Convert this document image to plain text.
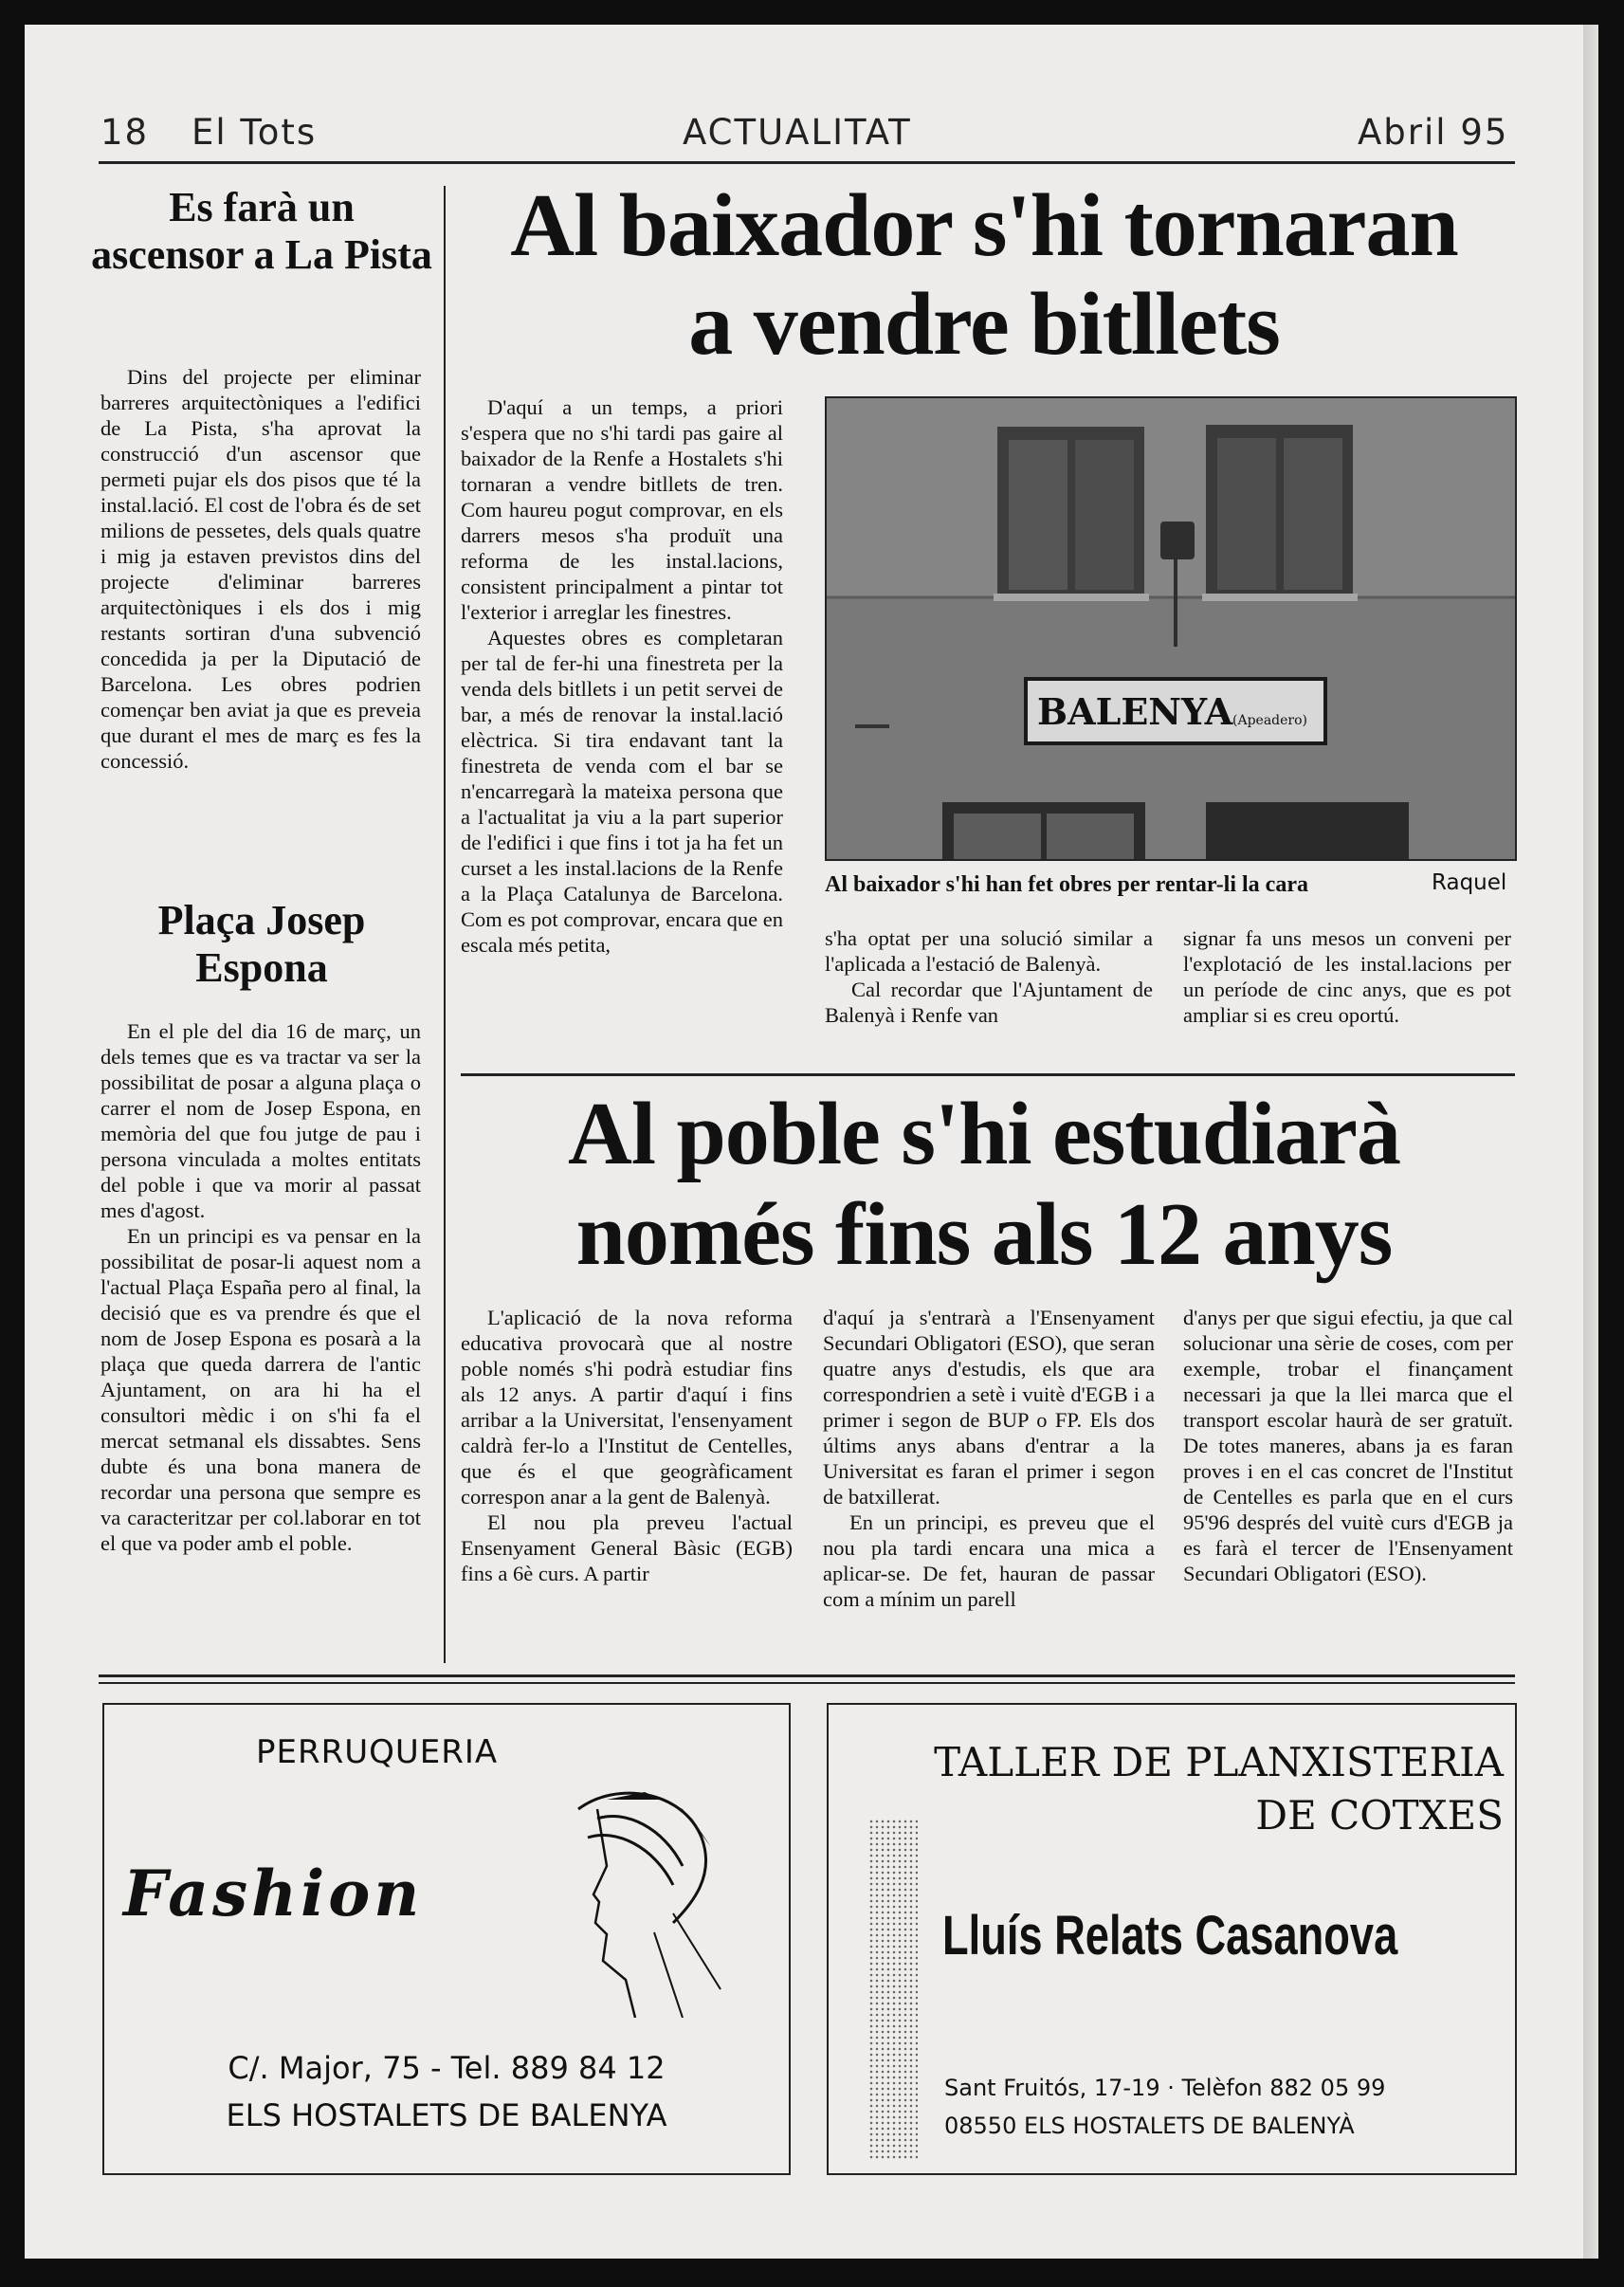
18 El Tots	ACTUALITAT	Abril 95
Es farà un ascensor a La Pista

Dins del projecte per eliminar barreres arquitectòniques a l'edifici de La Pista, s'ha aprovat la construcció d'un ascensor que permeti pujar els dos pisos que té la instal.lació. El cost de l'obra és de set milions de pessetes, dels quals quatre i mig ja estaven previstos dins del projecte d'eliminar barreres arquitectòniques i els dos i mig restants sortiran d'una subvenció concedida ja per la Diputació de Barcelona. Les obres podrien començar ben aviat ja que es preveia que durant el mes de març es fes la concessió.

Plaça Josep Espona

En el ple del dia 16 de març, un dels temes que es va tractar va ser la possibilitat de posar a alguna plaça o carrer el nom de Josep Espona, en memòria del que fou jutge de pau i persona vinculada a moltes entitats del poble i que va morir al passat mes d'agost.

En un principi es va pensar en la possibilitat de posar-li aquest nom a l'actual Plaça España pero al final, la decisió que es va prendre és que el nom de Josep Espona es posarà a la plaça que queda darrera de l'antic Ajuntament, on ara hi ha el consultori mèdic i on s'hi fa el mercat setmanal els dissabtes. Sens dubte és una bona manera de recordar una persona que sempre es va caracteritzar per col.laborar en tot el que va poder amb el poble.

Al baixador s'hi tornaran
a vendre bitllets

D'aquí a un temps, a priori s'espera que no s'hi tardi pas gaire al baixador de la Renfe a Hostalets s'hi tornaran a vendre bitllets de tren. Com haureu pogut comprovar, en els darrers mesos s'ha produït una reforma de les instal.lacions, consistent principalment a pintar tot l'exterior i arreglar les finestres.

Aquestes obres es completaran per tal de fer-hi una finestreta per la venda dels bitllets i un petit servei de bar, a més de renovar la instal.lació elèctrica. Si tira endavant tant la finestreta de venda com el bar se n'encarregarà la mateixa persona que a l'actualitat ja viu a la part superior de l'edifici i que fins i tot ja ha fet un curset a les instal.lacions de la Renfe a la Plaça Catalunya de Barcelona. Com es pot comprovar, encara que en escala més petita,

BALENYA (Apeadero)
Al baixador s'hi han fet obres per rentar-li la cara	Raquel

s'ha optat per una solució similar a l'aplicada a l'estació de Balenyà.

Cal recordar que l'Ajuntament de Balenyà i Renfe van

signar fa uns mesos un conveni per l'explotació de les instal.lacions per un període de cinc anys, que es pot ampliar si es creu oportú.

Al poble s'hi estudiarà
només fins als 12 anys

L'aplicació de la nova reforma educativa provocarà que al nostre poble només s'hi podrà estudiar fins als 12 anys. A partir d'aquí i fins arribar a la Universitat, l'ensenyament caldrà fer-lo a l'Institut de Centelles, que és el que geogràficament correspon anar a la gent de Balenyà.

El nou pla preveu l'actual Ensenyament General Bàsic (EGB) fins a 6è curs. A partir

d'aquí ja s'entrarà a l'Ensenyament Secundari Obligatori (ESO), que seran quatre anys d'estudis, els que ara correspondrien a setè i vuitè d'EGB i a primer i segon de BUP o FP. Els dos últims anys abans d'entrar a la Universitat es faran el primer i segon de batxillerat.

En un principi, es preveu que el nou pla tardi encara una mica a aplicar-se. De fet, hauran de passar com a mínim un parell

d'anys per que sigui efectiu, ja que cal solucionar una sèrie de coses, com per exemple, trobar el finançament necessari ja que la llei marca que el transport escolar haurà de ser gratuït. De totes maneres, abans ja es faran proves i en el cas concret de l'Institut de Centelles es parla que en el curs 95'96 després del vuitè curs d'EGB ja es farà el tercer de l'Ensenyament Secundari Obligatori (ESO).

PERRUQUERIA
Fashion
C/. Major, 75 - Tel. 889 84 12
ELS HOSTALETS DE BALENYA
TALLER DE PLANXISTERIA
DE COTXES
Lluís Relats Casanova
Sant Fruitós, 17-19 · Telèfon 882 05 99
08550 ELS HOSTALETS DE BALENYÀ
